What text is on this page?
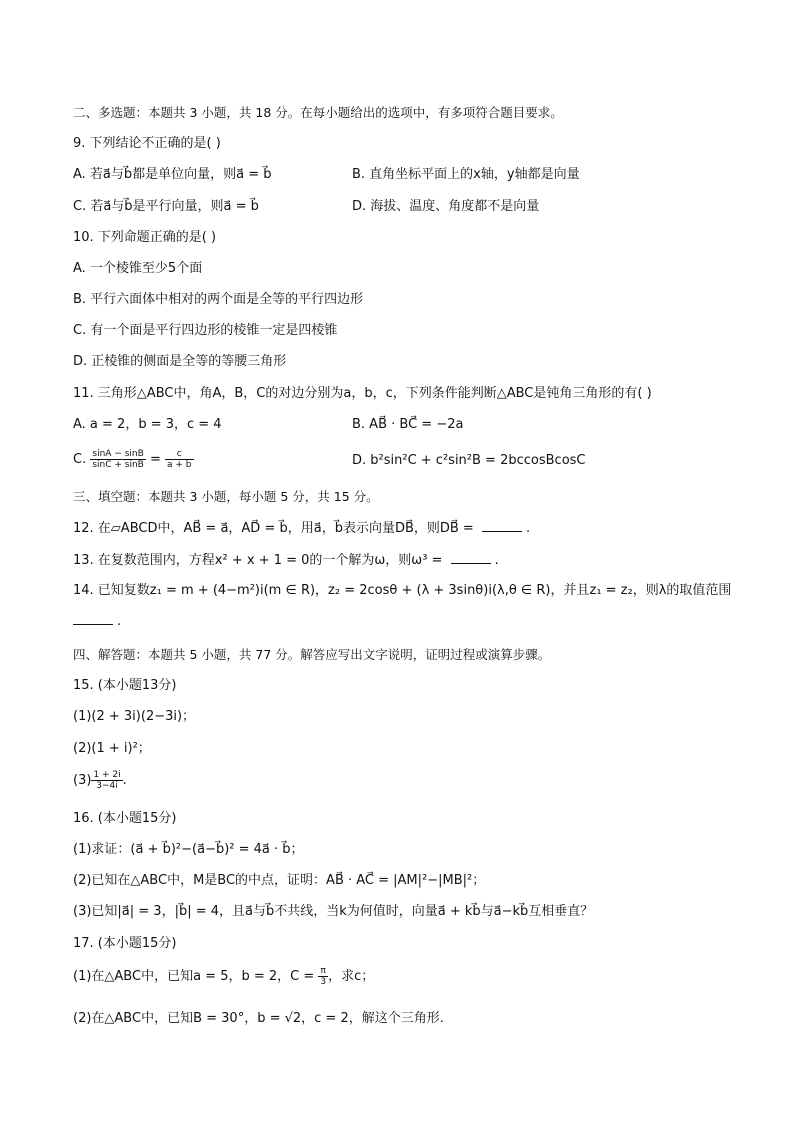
二、多选题：本题共 3 小题，共 18 分。在每小题给出的选项中，有多项符合题目要求。
9. 下列结论不正确的是( )
A. 若a⃗与b⃗都是单位向量，则a⃗ = b⃗	B. 直角坐标平面上的x轴，y轴都是向量
C. 若a⃗与b⃗是平行向量，则a⃗ = b⃗	D. 海拔、温度、角度都不是向量
10. 下列命题正确的是( )
A. 一个棱锥至少5个面
B. 平行六面体中相对的两个面是全等的平行四边形
C. 有一个面是平行四边形的棱锥一定是四棱锥
D. 正棱锥的侧面是全等的等腰三角形
11. 三角形△ABC中，角A，B，C的对边分别为a，b，c，下列条件能判断△ABC是钝角三角形的有( )
A. a = 2，b = 3，c = 4	B. AB⃗ · BC⃗ = −2a
C. $\frac{\sin A - \sin B}{\sin C + \sin B} = \frac{c}{a + b}$	D. b²sin²C + c²sin²B = 2bccosBcosC
三、填空题：本题共 3 小题，每小题 5 分，共 15 分。
12. 在▱ABCD中，AB⃗ = a⃗，AD⃗ = b⃗，用a⃗，b⃗表示向量DB⃗，则DB⃗ =	.
13. 在复数范围内，方程x² + x + 1 = 0的一个解为ω，则ω³ =	.
14. 已知复数z₁ = m + (4−m²)i(m ∈ R)，z₂ = 2cosθ + (λ + 3sinθ)i(λ,θ ∈ R)，并且z₁ = z₂，则λ的取值范围
.
四、解答题：本题共 5 小题，共 77 分。解答应写出文字说明，证明过程或演算步骤。
15. (本小题13分)
(1)(2 + 3i)(2−3i)；
(2)(1 + i)²；
$(3) \frac{1 + 2i}{3-4i}$ .
16. (本小题15分)
(1)求证：(a⃗ + b⃗)²−(a⃗−b⃗)² = 4a⃗ · b⃗；
(2)已知在△ABC中，M是BC的中点，证明：AB⃗ · AC⃗ = |AM|²−|MB|²；
(3)已知|a⃗| = 3，|b⃗| = 4，且a⃗与b⃗不共线，当k为何值时，向量a⃗ + kb⃗与a⃗−kb⃗互相垂直？
17. (本小题15分)
(1)在△ABC中，已知a = 5，b = 2，$C = \frac{\pi}{3}$ ，求c；
(2)在△ABC中，已知B = 30°，b = √2，c = 2，解这个三角形.
